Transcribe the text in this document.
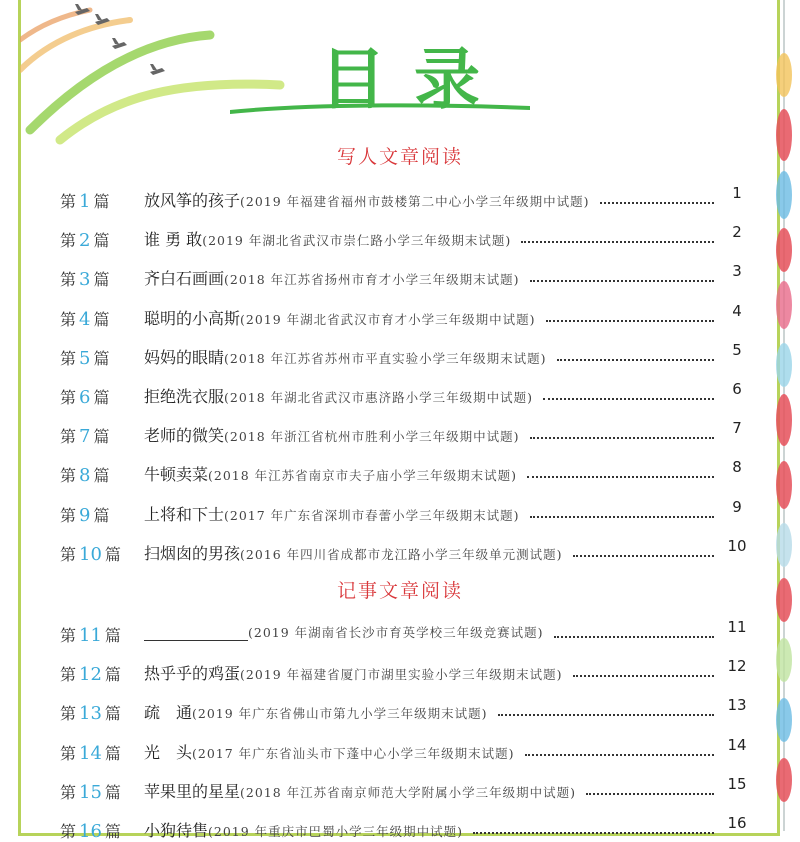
目录
写人文章阅读
第 1 篇	放风筝的孩子(2019 年福建省福州市鼓楼第二中心小学三年级期中试题)	1
第 2 篇	谁 勇 敢(2019 年湖北省武汉市崇仁路小学三年级期末试题)	2
第 3 篇	齐白石画画(2018 年江苏省扬州市育才小学三年级期末试题)	3
第 4 篇	聪明的小高斯(2019 年湖北省武汉市育才小学三年级期中试题)	4
第 5 篇	妈妈的眼睛(2018 年江苏省苏州市平直实验小学三年级期末试题)	5
第 6 篇	拒绝洗衣服(2018 年湖北省武汉市惠济路小学三年级期中试题)	6
第 7 篇	老师的微笑(2018 年浙江省杭州市胜利小学三年级期中试题)	7
第 8 篇	牛顿卖菜(2018 年江苏省南京市夫子庙小学三年级期末试题)	8
第 9 篇	上将和下士(2017 年广东省深圳市春蕾小学三年级期末试题)	9
第 10 篇	扫烟囱的男孩(2016 年四川省成都市龙江路小学三年级单元测试题)	10
记事文章阅读
第 11 篇	(2019 年湖南省长沙市育英学校三年级竞赛试题)	11
第 12 篇	热乎乎的鸡蛋(2019 年福建省厦门市湖里实验小学三年级期末试题)	12
第 13 篇	疏　通(2019 年广东省佛山市第九小学三年级期末试题)	13
第 14 篇	光　头(2017 年广东省汕头市下蓬中心小学三年级期末试题)	14
第 15 篇	苹果里的星星(2018 年江苏省南京师范大学附属小学三年级期中试题)	15
第 16 篇	小狗待售(2019 年重庆市巴蜀小学三年级期中试题)	16
